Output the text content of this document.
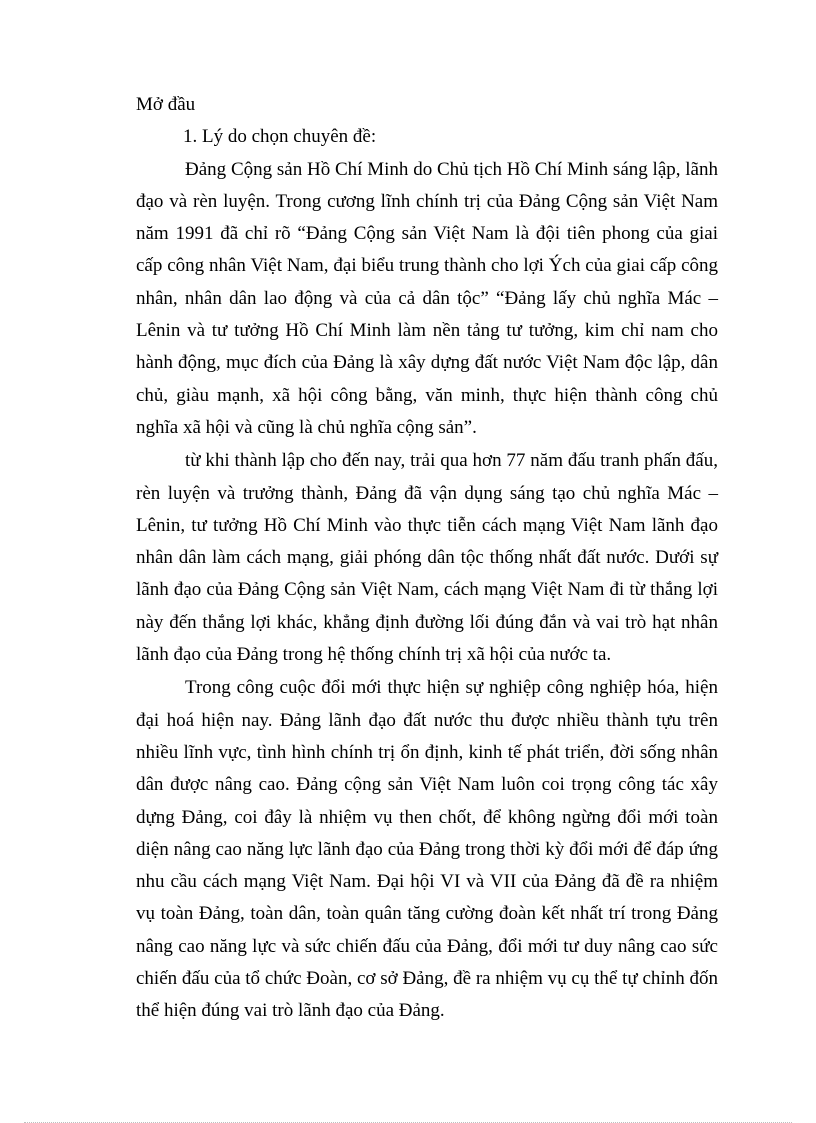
Mở đầu

1. Lý do chọn chuyên đề:

Đảng Cộng sản Hồ Chí Minh do Chủ tịch Hồ Chí Minh sáng lập, lãnh đạo và rèn luyện. Trong cương lĩnh chính trị của Đảng Cộng sản Việt Nam năm 1991 đã chỉ rõ “Đảng Cộng sản Việt Nam là đội tiên phong của giai cấp công nhân Việt Nam, đại biểu trung thành cho lợi Ých của giai cấp công nhân, nhân dân lao động và của cả dân tộc” “Đảng lấy chủ nghĩa Mác – Lênin và tư tưởng Hồ Chí Minh làm nền tảng tư tưởng, kim chỉ nam cho hành động, mục đích của Đảng là xây dựng đất nước Việt Nam độc lập, dân chủ, giàu mạnh, xã hội công bằng, văn minh, thực hiện thành công chủ nghĩa xã hội và cũng là chủ nghĩa cộng sản”.

từ khi thành lập cho đến nay, trải qua hơn 77 năm đấu tranh phấn đấu, rèn luyện và trưởng thành, Đảng đã vận dụng sáng tạo chủ nghĩa Mác – Lênin, tư tưởng Hồ Chí Minh vào thực tiễn cách mạng Việt Nam lãnh đạo nhân dân làm cách mạng, giải phóng dân tộc thống nhất đất nước. Dưới sự lãnh đạo của Đảng Cộng sản Việt Nam, cách mạng Việt Nam đi từ thắng lợi này đến thắng lợi khác, khẳng định đường lối đúng đắn và vai trò hạt nhân lãnh đạo của Đảng trong hệ thống chính trị xã hội của nước ta.

Trong công cuộc đổi mới thực hiện sự nghiệp công nghiệp hóa, hiện đại hoá hiện nay. Đảng lãnh đạo đất nước thu được nhiều thành tựu trên nhiều lĩnh vực, tình hình chính trị ổn định, kinh tế phát triển, đời sống nhân dân được nâng cao. Đảng cộng sản Việt Nam luôn coi trọng công tác xây dựng Đảng, coi đây là nhiệm vụ then chốt, để không ngừng đổi mới toàn diện nâng cao năng lực lãnh đạo của Đảng trong thời kỳ đổi mới để đáp ứng nhu cầu cách mạng Việt Nam. Đại hội VI và VII của Đảng đã đề ra nhiệm vụ toàn Đảng, toàn dân, toàn quân tăng cường đoàn kết nhất trí trong Đảng nâng cao năng lực và sức chiến đấu của Đảng, đổi mới tư duy nâng cao sức chiến đấu của tổ chức Đoàn, cơ sở Đảng, đề ra nhiệm vụ cụ thể tự chỉnh đốn thể hiện đúng vai trò lãnh đạo của Đảng.
